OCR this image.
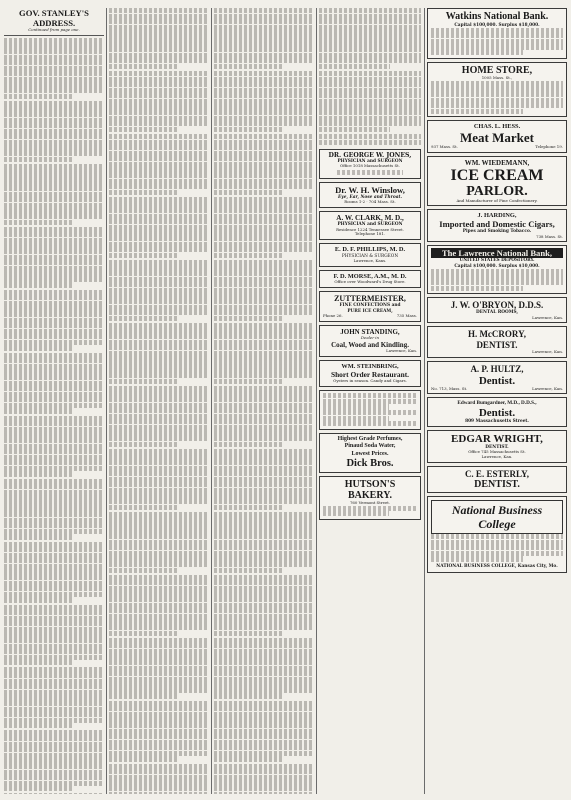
GOV. STANLEY'S ADDRESS.
Continued from page one.
DR. GEORGE W. JONES,
PHYSICIAN and SURGEON
Office 1018 Massachusetts St.
Dr. W. H. Winslow,
Eye, Ear, Nose and Throat.
Rooms 1-2 · 704 Mass. St.
A. W. CLARK, M. D.,
PHYSICIAN and SURGEON
Residence 1224 Tennessee Street.
Telephone 181.
E. D. F. PHILLIPS, M. D.
PHYSICIAN & SURGEON
Lawrence, Kans.
F. D. MORSE, A.M., M. D.
Office over Woodward's Drug Store.
ZUTTERMEISTER,
FINE CONFECTIONS and
PURE ICE CREAM,
Phone 26.	735 Mass.
JOHN STANDING,
Dealer in
Coal, Wood and Kindling.
Lawrence, Kan.
WM. STEINBRING,
Short Order Restaurant.
Oysters in season. Candy and Cigars.
Highest Grade Perfumes,
Pinaud Soda Water,
Lowest Prices.
Dick Bros.
HUTSON'S
BAKERY.
760 Vermont Street.
Watkins National Bank.
Capital $100,000. Surplus $18,000.
HOME STORE,
1005 Mass. St.,
CHAS. L. HESS.
Meat Market
937 Mass. St.	Telephone 19.
WM. WIEDEMANN,
ICE CREAM
PARLOR.
And Manufacturer of Fine Confectionery.
J. HARDING,
Imported and Domestic Cigars,
Pipes and Smoking Tobacco.
738 Mass. St.
The Lawrence National Bank,
UNITED STATES DEPOSITORY.
Capital $100,000. Surplus $10,000.
J. W. O'BRYON, D.D.S.
DENTAL ROOMS,
Lawrence, Kan.
H. McCRORY,
DENTIST.
Lawrence, Kan.
A. P. HULTZ,
Dentist.
No. 713, Mass. St.	Lawrence, Kan.
Edward Bumgardner, M.D., D.D.S.,
Dentist.
809 Massachusetts Street.
EDGAR WRIGHT,
DENTIST.
Office 745 Massachusetts St.
Lawrence, Kan.
C. E. ESTERLY,
DENTIST.
National Business College
NATIONAL BUSINESS COLLEGE, Kansas City, Mo.
